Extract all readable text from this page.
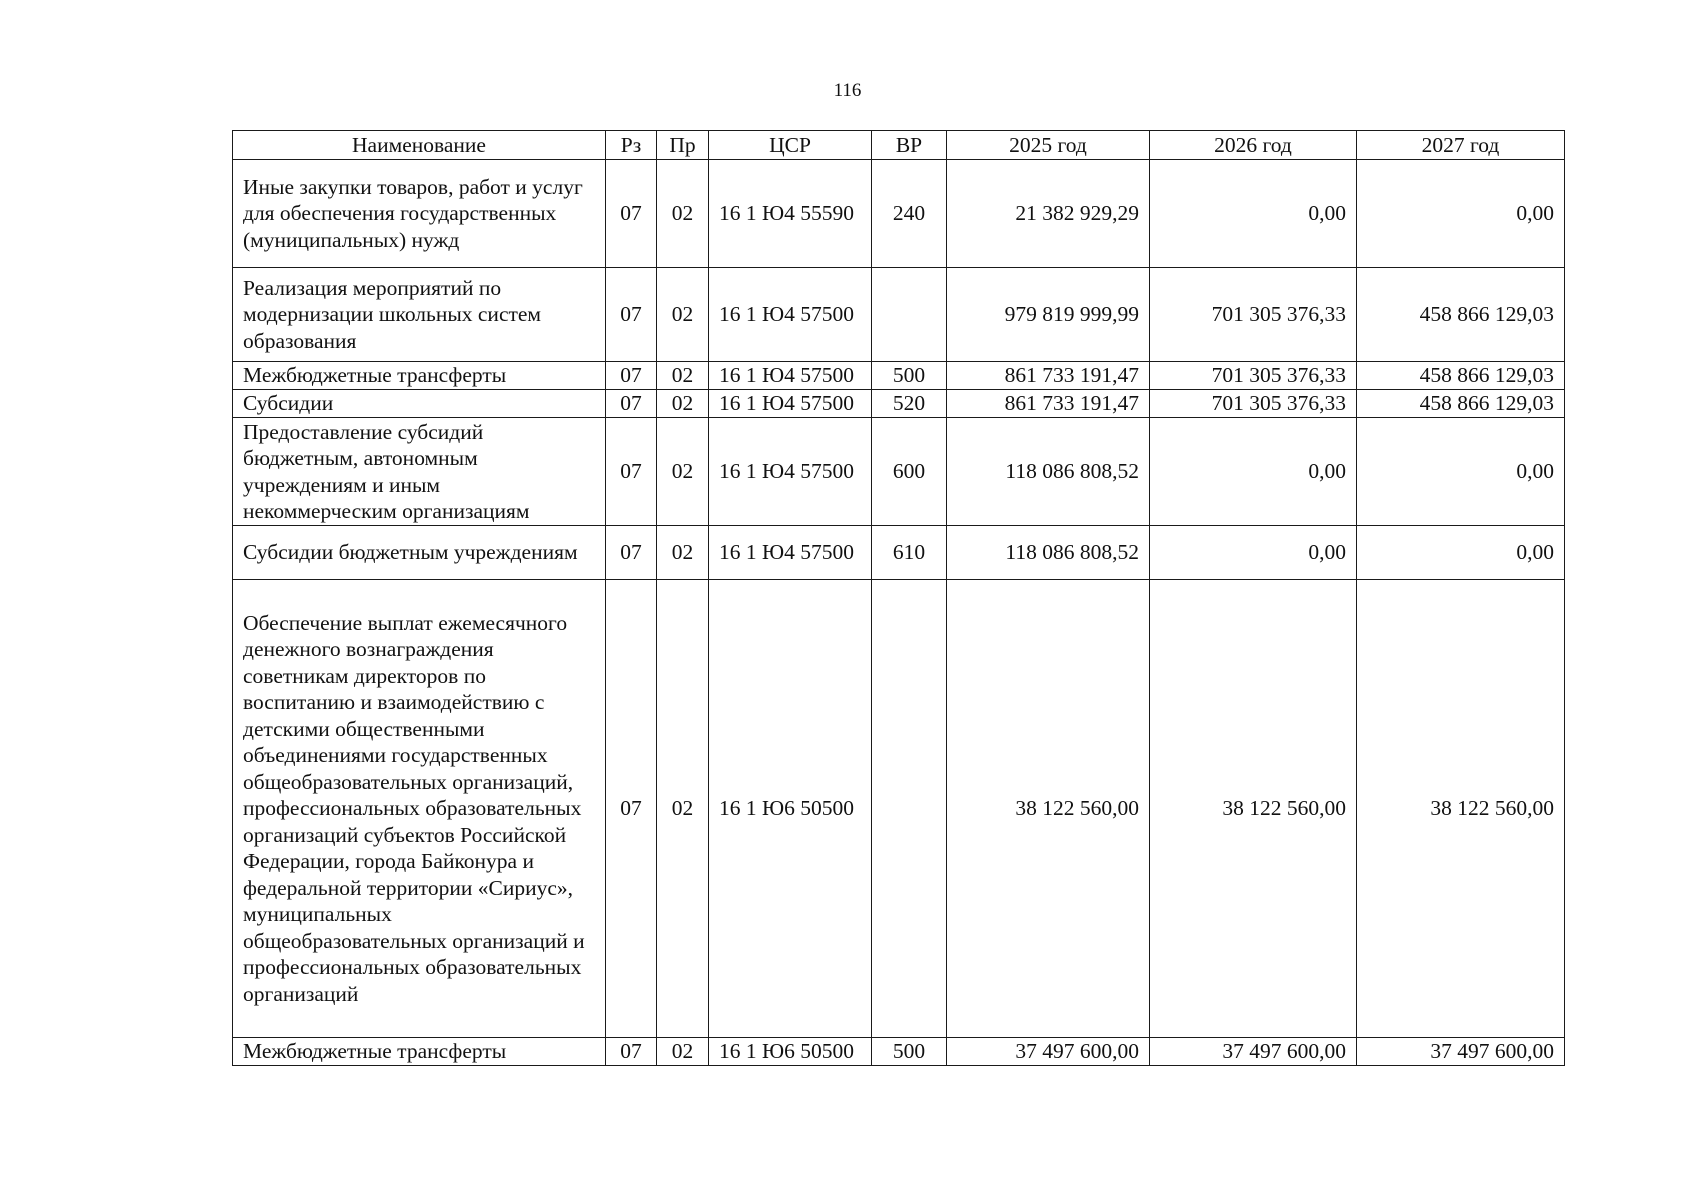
116
Наименование	Рз	Пр	ЦСР	ВР	2025 год	2026 год	2027 год
Иные закупки товаров, работ и услуг для обеспечения государственных (муниципальных) нужд	07	02	16 1 Ю4 55590	240	21 382 929,29	0,00	0,00
Реализация мероприятий по модернизации школьных систем образования	07	02	16 1 Ю4 57500		979 819 999,99	701 305 376,33	458 866 129,03
Межбюджетные трансферты	07	02	16 1 Ю4 57500	500	861 733 191,47	701 305 376,33	458 866 129,03
Субсидии	07	02	16 1 Ю4 57500	520	861 733 191,47	701 305 376,33	458 866 129,03
Предоставление субсидий бюджетным, автономным учреждениям и иным некоммерческим организациям	07	02	16 1 Ю4 57500	600	118 086 808,52	0,00	0,00
Субсидии бюджетным учреждениям	07	02	16 1 Ю4 57500	610	118 086 808,52	0,00	0,00
Обеспечение выплат ежемесячного денежного вознаграждения советникам директоров по воспитанию и взаимодействию с детскими общественными объединениями государственных общеобразовательных организаций, профессиональных образовательных организаций субъектов Российской Федерации, города Байконура и федеральной территории «Сириус», муниципальных общеобразовательных организаций и профессиональных образовательных организаций	07	02	16 1 Ю6 50500		38 122 560,00	38 122 560,00	38 122 560,00
Межбюджетные трансферты	07	02	16 1 Ю6 50500	500	37 497 600,00	37 497 600,00	37 497 600,00
